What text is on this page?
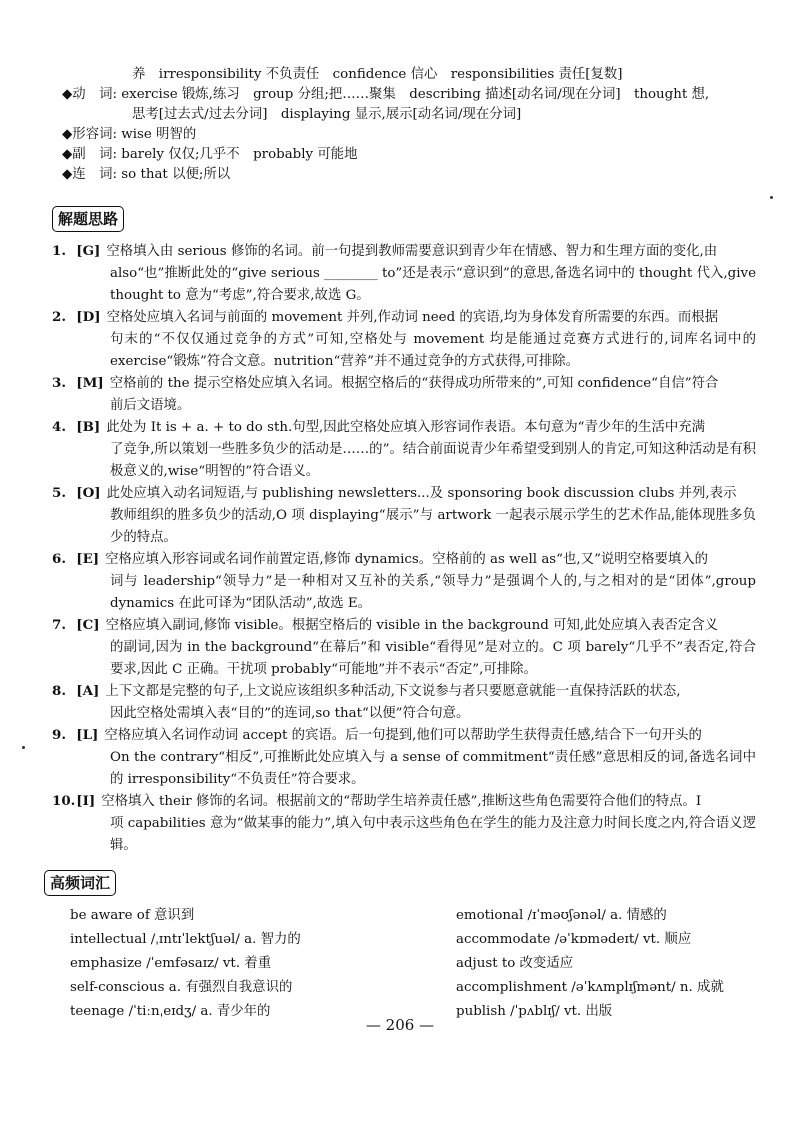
养　irresponsibility 不负责任　confidence 信心　responsibilities 责任[复数]
◆动　词: exercise 锻炼,练习　group 分组;把……聚集　describing 描述[动名词/现在分词]　thought 想,
思考[过去式/过去分词]　displaying 显示,展示[动名词/现在分词]
◆形容词: wise 明智的
◆副　词: barely 仅仅;几乎不　probably 可能地
◆连　词: so that 以便;所以
解题思路
1. [G] 空格填入由 serious 修饰的名词。前一句提到教师需要意识到青少年在情感、智力和生理方面的变化,由
also“也”推断此处的“give serious ________ to”还是表示“意识到”的意思,备选名词中的 thought 代入,give thought to 意为“考虑”,符合要求,故选 G。
2. [D] 空格处应填入名词与前面的 movement 并列,作动词 need 的宾语,均为身体发育所需要的东西。而根据
句末的“不仅仅通过竞争的方式”可知,空格处与 movement 均是能通过竞赛方式进行的,词库名词中的 exercise“锻炼”符合文意。nutrition“营养”并不通过竞争的方式获得,可排除。
3. [M] 空格前的 the 提示空格处应填入名词。根据空格后的“获得成功所带来的”,可知 confidence“自信”符合
前后文语境。
4. [B] 此处为 It is + a. + to do sth.句型,因此空格处应填入形容词作表语。本句意为“青少年的生活中充满
了竞争,所以策划一些胜多负少的活动是……的”。结合前面说青少年希望受到别人的肯定,可知这种活动是有积极意义的,wise“明智的”符合语义。
5. [O] 此处应填入动名词短语,与 publishing newsletters...及 sponsoring book discussion clubs 并列,表示
教师组织的胜多负少的活动,O 项 displaying“展示”与 artwork 一起表示展示学生的艺术作品,能体现胜多负少的特点。
6. [E] 空格应填入形容词或名词作前置定语,修饰 dynamics。空格前的 as well as“也,又”说明空格要填入的
词与 leadership“领导力”是一种相对又互补的关系,“领导力”是强调个人的,与之相对的是“团体”,group dynamics 在此可译为“团队活动”,故选 E。
7. [C] 空格应填入副词,修饰 visible。根据空格后的 visible in the background 可知,此处应填入表否定含义
的副词,因为 in the background“在幕后”和 visible“看得见”是对立的。C 项 barely“几乎不”表否定,符合要求,因此 C 正确。干扰项 probably“可能地”并不表示“否定”,可排除。
8. [A] 上下文都是完整的句子,上文说应该组织多种活动,下文说参与者只要愿意就能一直保持活跃的状态,
因此空格处需填入表“目的”的连词,so that“以便”符合句意。
9. [L] 空格应填入名词作动词 accept 的宾语。后一句提到,他们可以帮助学生获得责任感,结合下一句开头的
On the contrary“相反”,可推断此处应填入与 a sense of commitment“责任感”意思相反的词,备选名词中的 irresponsibility“不负责任”符合要求。
10. [I] 空格填入 their 修饰的名词。根据前文的“帮助学生培养责任感”,推断这些角色需要符合他们的特点。I
项 capabilities 意为“做某事的能力”,填入句中表示这些角色在学生的能力及注意力时间长度之内,符合语义逻辑。
高频词汇
be aware of 意识到
intellectual /ˌɪntɪˈlektʃuəl/ a. 智力的
emphasize /ˈemfəsaɪz/ vt. 着重
self-conscious a. 有强烈自我意识的
teenage /ˈtiːnˌeɪdʒ/ a. 青少年的
emotional /ɪˈməʊʃənəl/ a. 情感的
accommodate /əˈkɒmədeɪt/ vt. 顺应
adjust to 改变适应
accomplishment /əˈkʌmplɪʃmənt/ n. 成就
publish /ˈpʌblɪʃ/ vt. 出版
— 206 —
